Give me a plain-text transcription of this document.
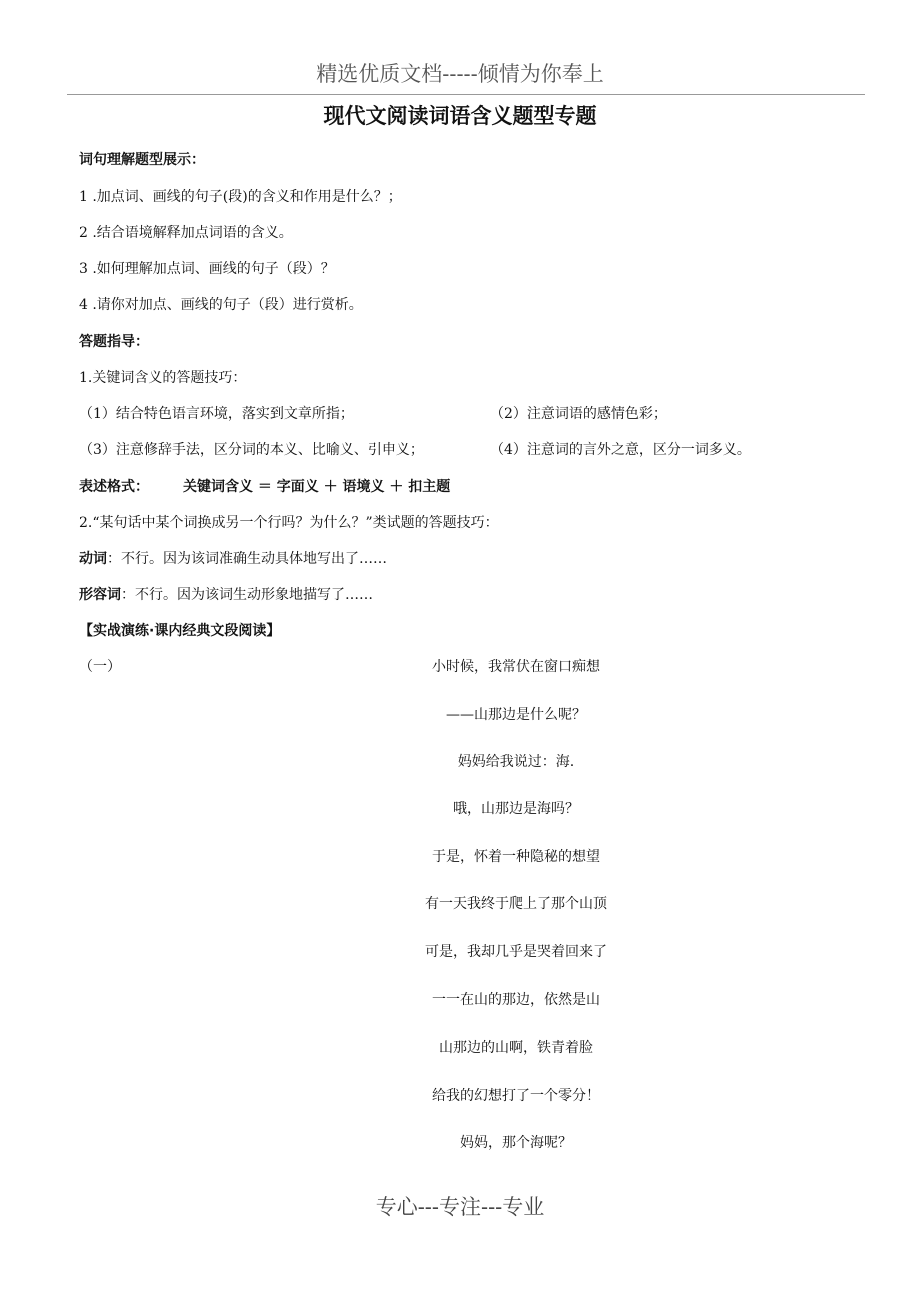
精选优质文档-----倾情为你奉上
现代文阅读词语含义题型专题
词句理解题型展示：
1 .加点词、画线的句子(段)的含义和作用是什么？；
2 .结合语境解释加点词语的含义。
3 .如何理解加点词、画线的句子（段）？
4 .请你对加点、画线的句子（段）进行赏析。
答题指导：
1.关键词含义的答题技巧：
（1）结合特色语言环境，落实到文章所指；	（2）注意词语的感情色彩；
（3）注意修辞手法，区分词的本义、比喻义、引申义；	（4）注意词的言外之意，区分一词多义。
表述格式： 关键词含义 ＝ 字面义 ＋ 语境义 ＋ 扣主题
2.“某句话中某个词换成另一个行吗？为什么？”类试题的答题技巧：
动词：不行。因为该词准确生动具体地写出了……
形容词：不行。因为该词生动形象地描写了……
【实战演练·课内经典文段阅读】
（一）	小时候，我常伏在窗口痴想
——山那边是什么呢？
妈妈给我说过：海.
哦，山那边是海吗？
于是，怀着一种隐秘的想望
有一天我终于爬上了那个山顶
可是，我却几乎是哭着回来了
一一在山的那边，依然是山
山那边的山啊，铁青着脸
给我的幻想打了一个零分！
妈妈，那个海呢？
专心---专注---专业
